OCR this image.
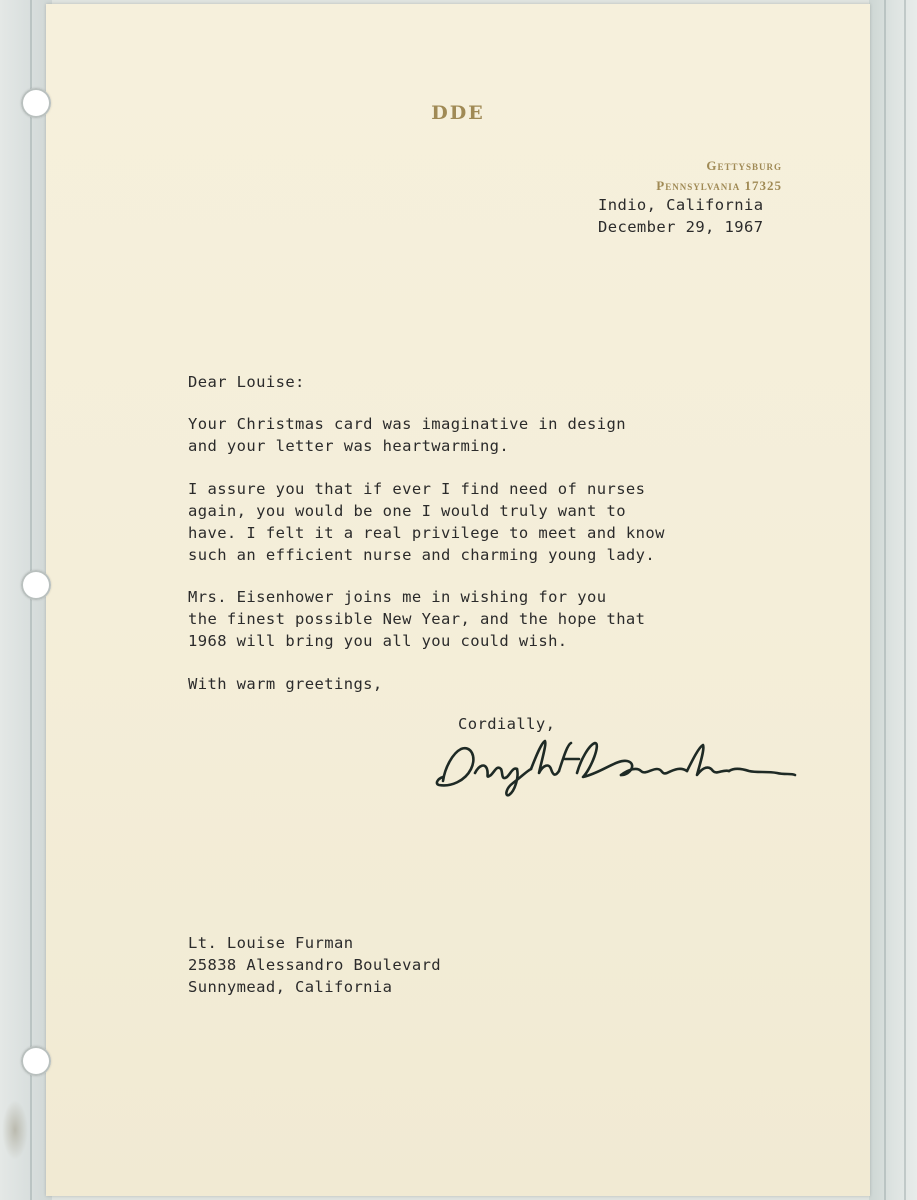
DDE
Gettysburg
Pennsylvania 17325
Indio, California
December 29, 1967
Dear Louise:
Your Christmas card was imaginative in design
and your letter was heartwarming.
I assure you that if ever I find need of nurses
again, you would be one I would truly want to
have. I felt it a real privilege to meet and know
such an efficient nurse and charming young lady.
Mrs. Eisenhower joins me in wishing for you
the finest possible New Year, and the hope that
1968 will bring you all you could wish.
With warm greetings,
Cordially,
Lt. Louise Furman
25838 Alessandro Boulevard
Sunnymead, California
